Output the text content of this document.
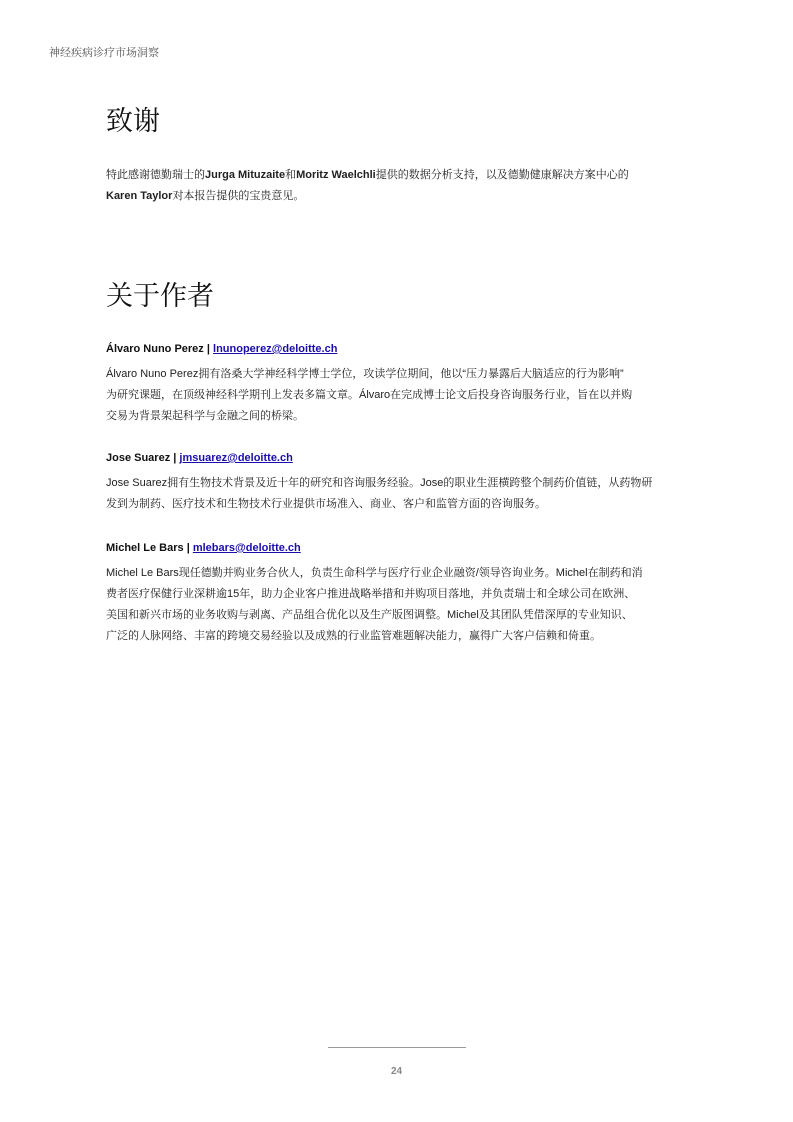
神经疾病诊疗市场洞察
致谢

特此感谢德勤瑞士的Jurga Mituzaite和Moritz Waelchli提供的数据分析支持，以及德勤健康解决方案中心的
Karen Taylor对本报告提供的宝贵意见。

关于作者
Álvaro Nuno Perez | lnunoperez@deloitte.ch

Álvaro Nuno Perez拥有洛桑大学神经科学博士学位，攻读学位期间，他以“压力暴露后大脑适应的行为影响”
为研究课题，在顶级神经科学期刊上发表多篇文章。Álvaro在完成博士论文后投身咨询服务行业，旨在以并购
交易为背景架起科学与金融之间的桥梁。

Jose Suarez | jmsuarez@deloitte.ch

Jose Suarez拥有生物技术背景及近十年的研究和咨询服务经验。Jose的职业生涯横跨整个制药价值链，从药物研
发到为制药、医疗技术和生物技术行业提供市场准入、商业、客户和监管方面的咨询服务。

Michel Le Bars | mlebars@deloitte.ch

Michel Le Bars现任德勤并购业务合伙人，负责生命科学与医疗行业企业融资/领导咨询业务。Michel在制药和消
费者医疗保健行业深耕逾15年，助力企业客户推进战略举措和并购项目落地，并负责瑞士和全球公司在欧洲、
美国和新兴市场的业务收购与剥离、产品组合优化以及生产版图调整。Michel及其团队凭借深厚的专业知识、
广泛的人脉网络、丰富的跨境交易经验以及成熟的行业监管难题解决能力，赢得广大客户信赖和倚重。

24
